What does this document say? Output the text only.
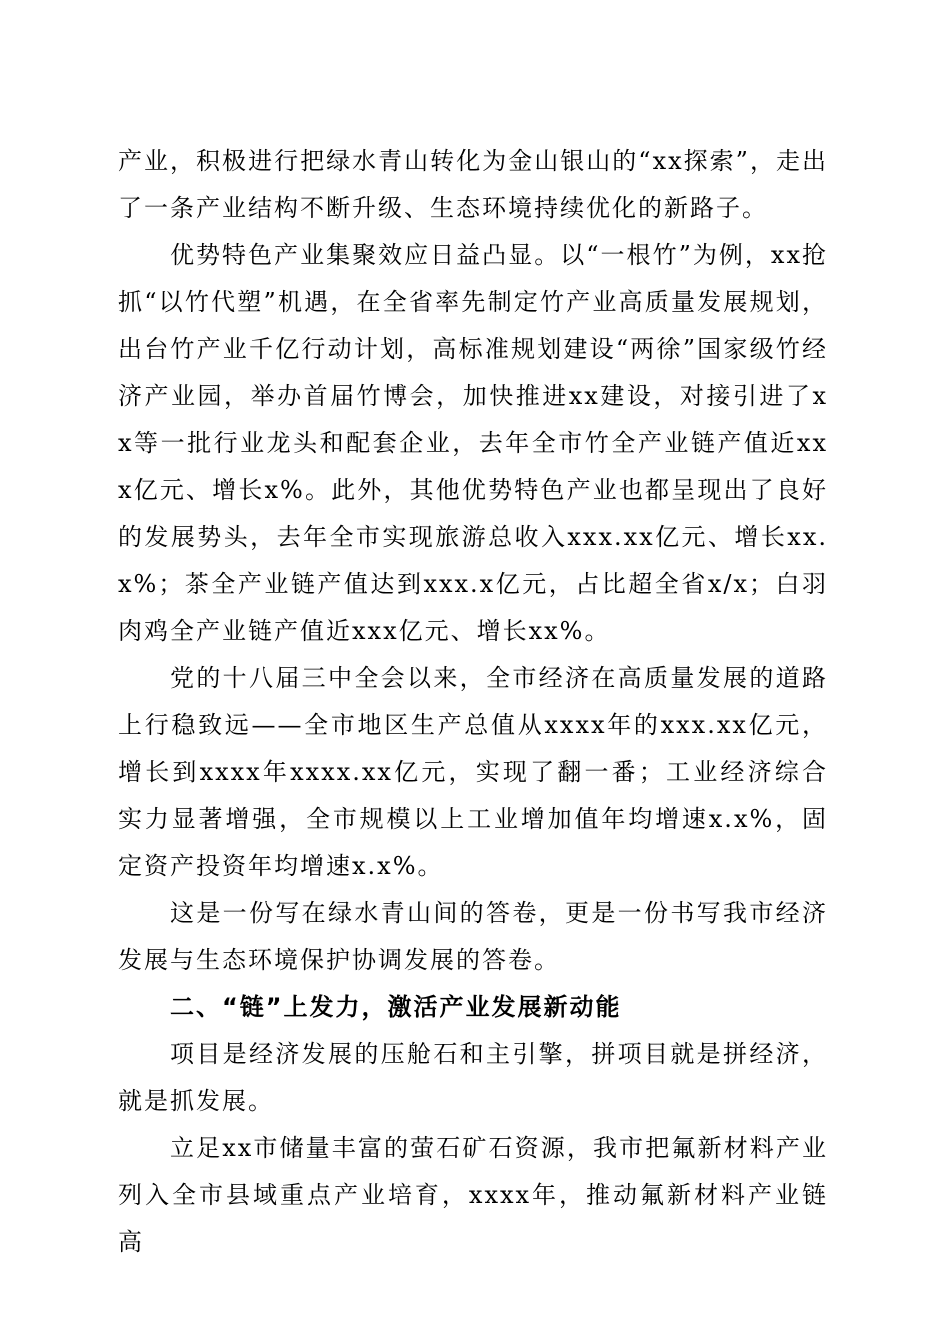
产业，积极进行把绿水青山转化为金山银山的“xx探索”，走出了一条产业结构不断升级、生态环境持续优化的新路子。

优势特色产业集聚效应日益凸显。以“一根竹”为例，xx抢抓“以竹代塑”机遇，在全省率先制定竹产业高质量发展规划，出台竹产业千亿行动计划，高标准规划建设“两徐”国家级竹经济产业园，举办首届竹博会，加快推进xx建设，对接引进了xx等一批行业龙头和配套企业，去年全市竹全产业链产值近xxx亿元、增长x%。此外，其他优势特色产业也都呈现出了良好的发展势头，去年全市实现旅游总收入xxx.xx亿元、增长xx.x%；茶全产业链产值达到xxx.x亿元，占比超全省x/x；白羽肉鸡全产业链产值近xxx亿元、增长xx%。

党的十八届三中全会以来，全市经济在高质量发展的道路上行稳致远——全市地区生产总值从xxxx年的xxx.xx亿元，增长到xxxx年xxxx.xx亿元，实现了翻一番；工业经济综合实力显著增强，全市规模以上工业增加值年均增速x.x%，固定资产投资年均增速x.x%。

这是一份写在绿水青山间的答卷，更是一份书写我市经济发展与生态环境保护协调发展的答卷。

二、“链”上发力，激活产业发展新动能

项目是经济发展的压舱石和主引擎，拼项目就是拼经济，就是抓发展。

立足xx市储量丰富的萤石矿石资源，我市把氟新材料产业列入全市县域重点产业培育，xxxx年，推动氟新材料产业链高
